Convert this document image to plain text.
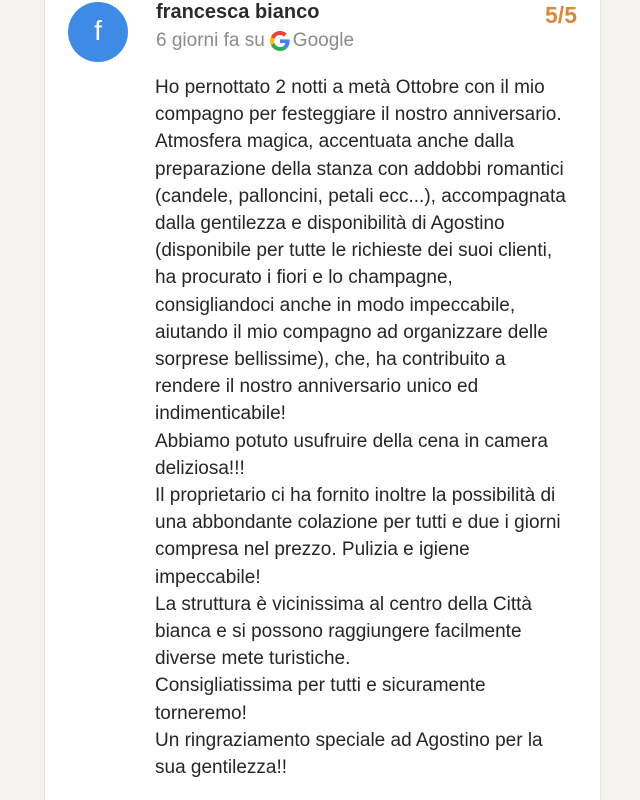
f
francesca bianco
6 giorni fa su Google
5/5

Ho pernottato 2 notti a metà Ottobre con il mio compagno per festeggiare il nostro anniversario. Atmosfera magica, accentuata anche dalla preparazione della stanza con addobbi romantici (candele, palloncini, petali ecc...), accompagnata dalla gentilezza e disponibilità di Agostino (disponibile per tutte le richieste dei suoi clienti, ha procurato i fiori e lo champagne, consigliandoci anche in modo impeccabile, aiutando il mio compagno ad organizzare delle sorprese bellissime), che, ha contribuito a rendere il nostro anniversario unico ed indimenticabile!

Abbiamo potuto usufruire della cena in camera deliziosa!!!

Il proprietario ci ha fornito inoltre la possibilità di una abbondante colazione per tutti e due i giorni compresa nel prezzo. Pulizia e igiene impeccabile!

La struttura è vicinissima al centro della Città bianca e si possono raggiungere facilmente diverse mete turistiche.

Consigliatissima per tutti e sicuramente torneremo!

Un ringraziamento speciale ad Agostino per la sua gentilezza!!
